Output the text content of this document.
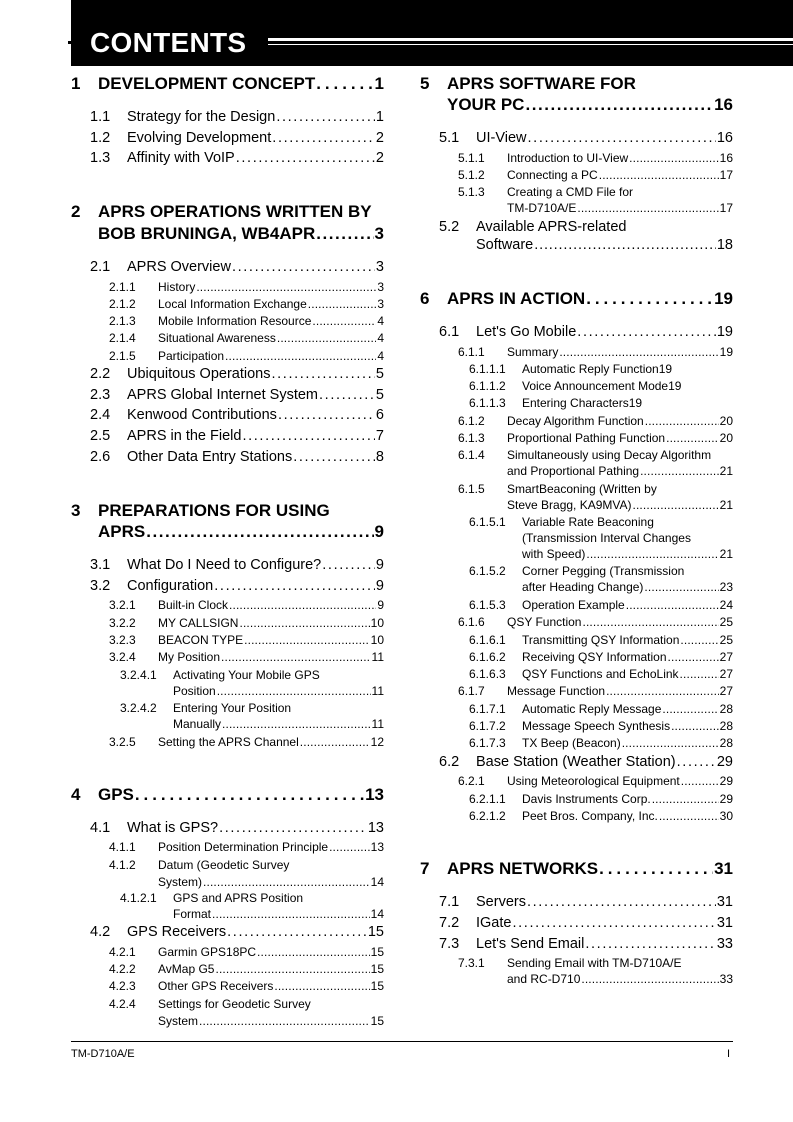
CONTENTS
1	DEVELOPMENT CONCEPT . . .	1
1.1	Strategy for the Design . . .	1
1.2	Evolving Development . . .	2
1.3	Affinity with VoIP . . .	2
2	APRS OPERATIONS WRITTEN BY
BOB BRUNINGA, WB4APR . . .	3
2.1	APRS Overview . . .	3
2.1.1	History . . .	3
2.1.2	Local Information Exchange . . .	3
2.1.3	Mobile Information Resource . . .	4
2.1.4	Situational Awareness . . .	4
2.1.5	Participation . . .	4
2.2	Ubiquitous Operations . . .	5
2.3	APRS Global Internet System . . .	5
2.4	Kenwood Contributions . . .	6
2.5	APRS in the Field . . .	7
2.6	Other Data Entry Stations . . .	8
3	PREPARATIONS FOR USING
APRS . . .	9
3.1	What Do I Need to Configure? . . .	9
3.2	Configuration . . .	9
3.2.1	Built-in Clock . . .	9
3.2.2	MY CALLSIGN . . .	10
3.2.3	BEACON TYPE . . .	10
3.2.4	My Position . . .	11
3.2.4.1	Activating Your Mobile GPS
Position . . .	11
3.2.4.2	Entering Your Position
Manually . . .	11
3.2.5	Setting the APRS Channel . . .	12
4	GPS . . .	13
4.1	What is GPS? . . .	13
4.1.1	Position Determination Principle . . .	13
4.1.2	Datum (Geodetic Survey
System) . . .	14
4.1.2.1	GPS and APRS Position
Format . . .	14
4.2	GPS Receivers . . .	15
4.2.1	Garmin GPS18PC . . .	15
4.2.2	AvMap G5 . . .	15
4.2.3	Other GPS Receivers . . .	15
4.2.4	Settings for Geodetic Survey
System . . .	15
5	APRS SOFTWARE FOR
YOUR PC . . .	16
5.1	UI-View . . .	16
5.1.1	Introduction to UI-View . . .	16
5.1.2	Connecting a PC . . .	17
5.1.3	Creating a CMD File for
TM-D710A/E . . .	17
5.2	Available APRS-related
Software . . .	18
6	APRS IN ACTION . . .	19
6.1	Let's Go Mobile . . .	19
6.1.1	Summary . . .	19
6.1.1.1	Automatic Reply Function19
6.1.1.2	Voice Announcement Mode19
6.1.1.3	Entering Characters19
6.1.2	Decay Algorithm Function . . .	20
6.1.3	Proportional Pathing Function . . .	20
6.1.4	Simultaneously using Decay Algorithm
and Proportional Pathing . . .	21
6.1.5	SmartBeaconing (Written by
Steve Bragg, KA9MVA) . . .	21
6.1.5.1	Variable Rate Beaconing
(Transmission Interval Changes
with Speed) . . .	21
6.1.5.2	Corner Pegging (Transmission
after Heading Change) . . .	23
6.1.5.3	Operation Example . . .	24
6.1.6	QSY Function . . .	25
6.1.6.1	Transmitting QSY Information . . .	25
6.1.6.2	Receiving QSY Information . . .	27
6.1.6.3	QSY Functions and EchoLink . . .	27
6.1.7	Message Function . . .	27
6.1.7.1	Automatic Reply Message . . .	28
6.1.7.2	Message Speech Synthesis . . .	28
6.1.7.3	TX Beep (Beacon) . . .	28
6.2	Base Station (Weather Station) . . .	29
6.2.1	Using Meteorological Equipment . . .	29
6.2.1.1	Davis Instruments Corp. . . .	29
6.2.1.2	Peet Bros. Company, Inc. . . .	30
7	APRS NETWORKS . . .	31
7.1	Servers . . .	31
7.2	IGate . . .	31
7.3	Let's Send Email . . .	33
7.3.1	Sending Email with TM-D710A/E
and RC-D710 . . .	33
TM-D710A/E	I
